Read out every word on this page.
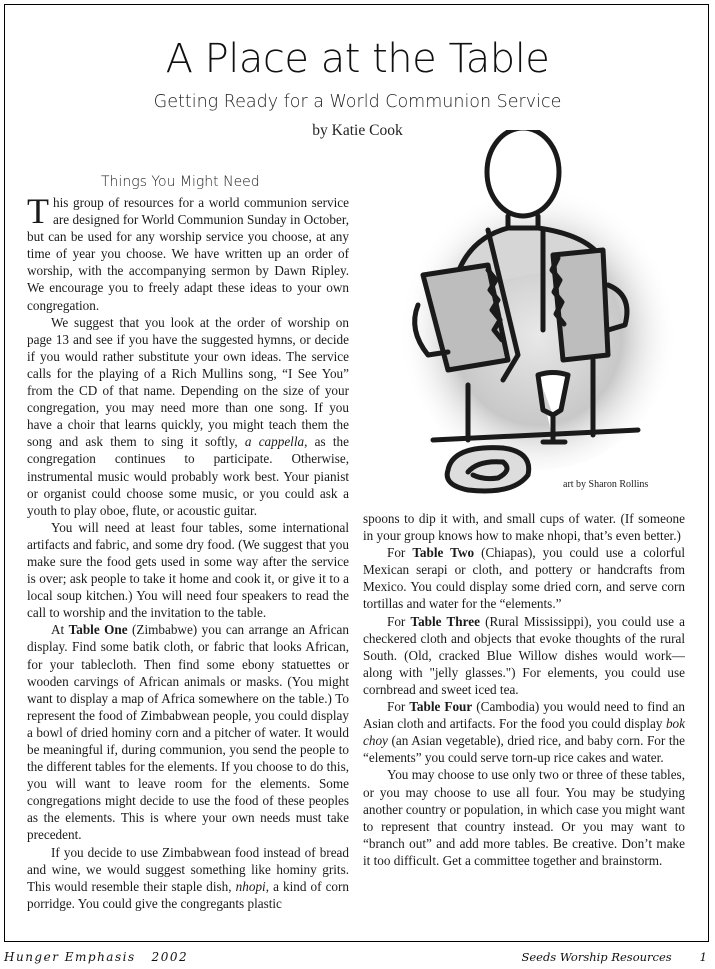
A Place at the Table
Getting Ready for a World Communion Service
by Katie Cook
Things You Might Need
art by Sharon Rollins

This group of resources for a world communion service are designed for World Communion Sunday in October, but can be used for any worship service you choose, at any time of year you choose. We have written up an order of worship, with the accompanying sermon by Dawn Ripley. We encourage you to freely adapt these ideas to your own congregation.

We suggest that you look at the order of worship on page 13 and see if you have the suggested hymns, or decide if you would rather substitute your own ideas. The service calls for the playing of a Rich Mullins song, “I See You” from the CD of that name. Depending on the size of your congregation, you may need more than one song. If you have a choir that learns quickly, you might teach them the song and ask them to sing it softly, a cappella, as the congregation continues to participate. Otherwise, instrumental music would probably work best. Your pianist or organist could choose some music, or you could ask a youth to play oboe, flute, or acoustic guitar.

You will need at least four tables, some international artifacts and fabric, and some dry food. (We suggest that you make sure the food gets used in some way after the service is over; ask people to take it home and cook it, or give it to a local soup kitchen.) You will need four speakers to read the call to worship and the invitation to the table.

At Table One (Zimbabwe) you can arrange an African display. Find some batik cloth, or fabric that looks African, for your tablecloth. Then find some ebony statuettes or wooden carvings of African animals or masks. (You might want to display a map of Africa somewhere on the table.) To represent the food of Zimbabwean people, you could display a bowl of dried hominy corn and a pitcher of water. It would be meaningful if, during communion, you send the people to the different tables for the elements. If you choose to do this, you will want to leave room for the elements. Some congregations might decide to use the food of these peoples as the elements. This is where your own needs must take precedent.

If you decide to use Zimbabwean food instead of bread and wine, we would suggest something like hominy grits. This would resemble their staple dish, nhopi, a kind of corn porridge. You could give the congregants plastic

spoons to dip it with, and small cups of water. (If someone in your group knows how to make nhopi, that’s even better.)

For Table Two (Chiapas), you could use a colorful Mexican serapi or cloth, and pottery or handcrafts from Mexico. You could display some dried corn, and serve corn tortillas and water for the “elements.”

For Table Three (Rural Mississippi), you could use a checkered cloth and objects that evoke thoughts of the rural South. (Old, cracked Blue Willow dishes would work—along with "jelly glasses.") For elements, you could use cornbread and sweet iced tea.

For Table Four (Cambodia) you would need to find an Asian cloth and artifacts. For the food you could display bok choy (an Asian vegetable), dried rice, and baby corn. For the “elements” you could serve torn-up rice cakes and water.

You may choose to use only two or three of these tables, or you may choose to use all four. You may be studying another country or population, in which case you might want to represent that country instead. Or you may want to “branch out” and add more tables. Be creative. Don’t make it too difficult. Get a committee together and brainstorm.

Hunger Emphasis   2002	Seeds Worship Resources 1
